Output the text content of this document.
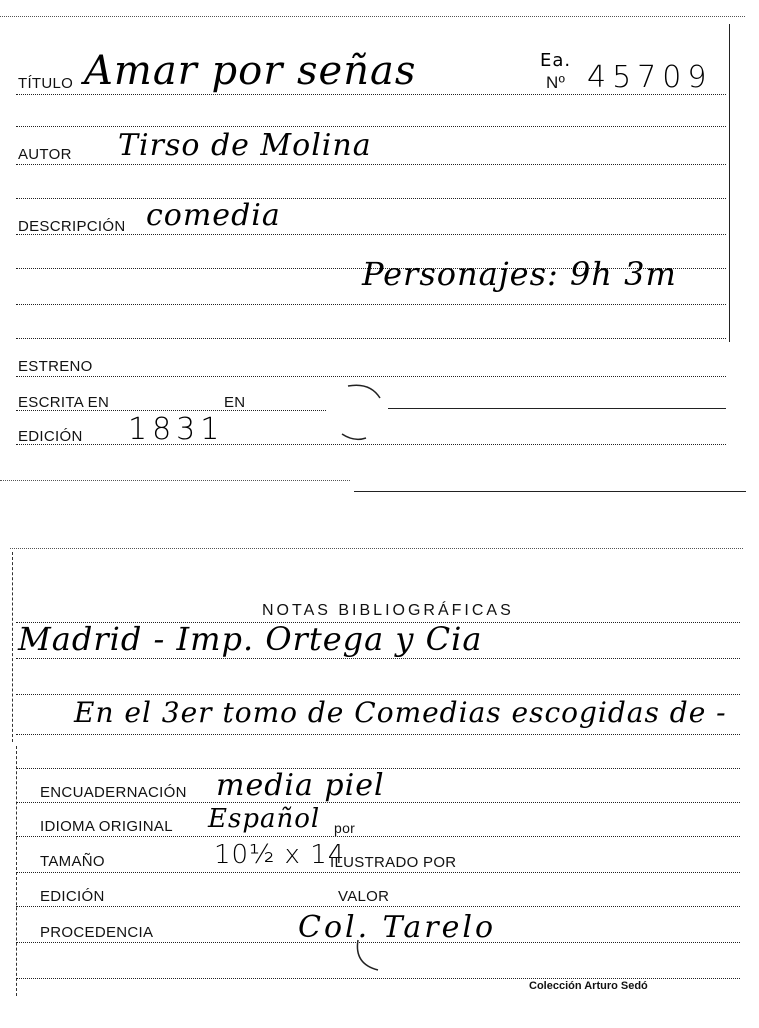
TÍTULO Amar por señas	Ea.
Nº 45709
AUTOR Tirso de Molina
DESCRIPCIÓN comedia
Personajes: 9h 3m
ESTRENO
ESCRITA EN	EN
EDICIÓN 1831
NOTAS BIBLIOGRÁFICAS
Madrid - Imp. Ortega y Cia
En el 3er tomo de Comedias escogidas de -
ENCUADERNACIÓN media piel
IDIOMA ORIGINAL Español por
TAMAÑO	10½ x 14
ILUSTRADO POR
EDICIÓN	VALOR
PROCEDENCIA	Col. Tarelo
Colección Arturo Sedó
